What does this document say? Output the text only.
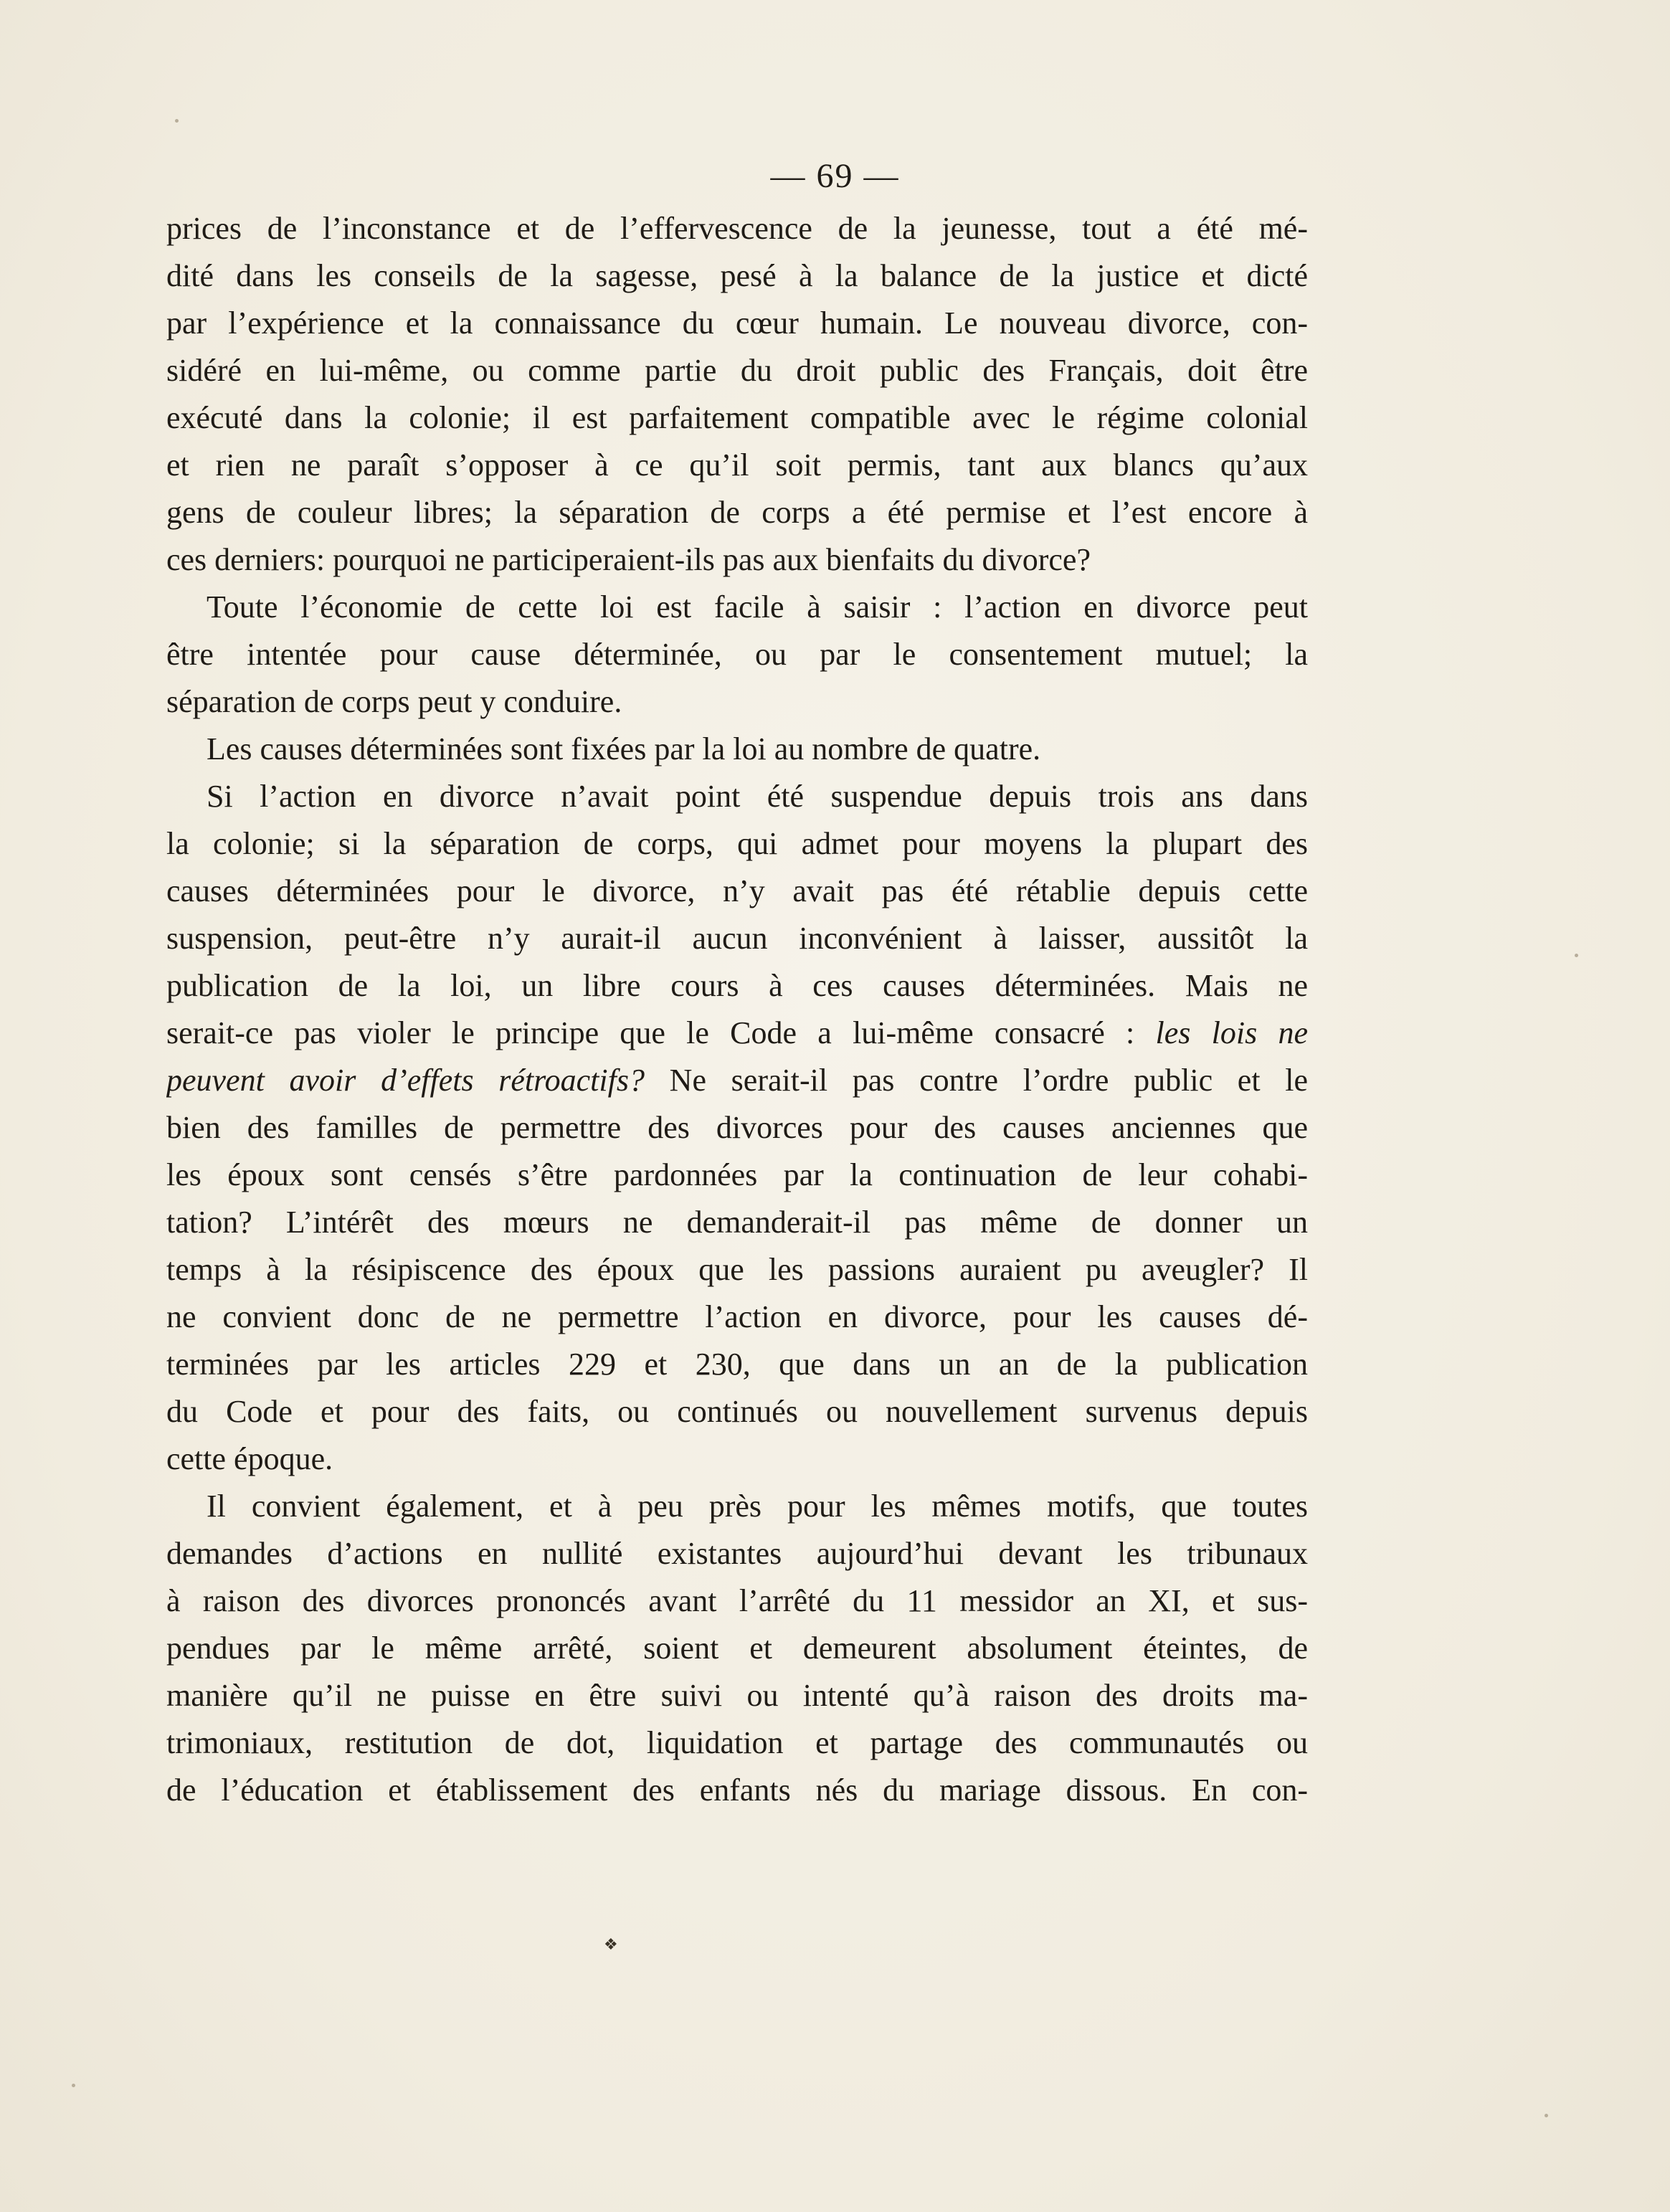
— 69 —
prices de l’inconstance et de l’effervescence de la jeunesse, tout a été mé-
dité dans les conseils de la sagesse, pesé à la balance de la justice et dicté
par l’expérience et la connaissance du cœur humain. Le nouveau divorce, con-
sidéré en lui-même, ou comme partie du droit public des Français, doit être
exécuté dans la colonie; il est parfaitement compatible avec le régime colonial
et rien ne paraît s’opposer à ce qu’il soit permis, tant aux blancs qu’aux
gens de couleur libres; la séparation de corps a été permise et l’est encore à
ces derniers: pourquoi ne participeraient-ils pas aux bienfaits du divorce?
Toute l’économie de cette loi est facile à saisir : l’action en divorce peut
être intentée pour cause déterminée, ou par le consentement mutuel; la
séparation de corps peut y conduire.
Les causes déterminées sont fixées par la loi au nombre de quatre.
Si l’action en divorce n’avait point été suspendue depuis trois ans dans
la colonie; si la séparation de corps, qui admet pour moyens la plupart des
causes déterminées pour le divorce, n’y avait pas été rétablie depuis cette
suspension, peut-être n’y aurait-il aucun inconvénient à laisser, aussitôt la
publication de la loi, un libre cours à ces causes déterminées. Mais ne
serait-ce pas violer le principe que le Code a lui-même consacré : les lois ne
peuvent avoir d’effets rétroactifs? Ne serait-il pas contre l’ordre public et le
bien des familles de permettre des divorces pour des causes anciennes que
les époux sont censés s’être pardonnées par la continuation de leur cohabi-
tation? L’intérêt des mœurs ne demanderait-il pas même de donner un
temps à la résipiscence des époux que les passions auraient pu aveugler? Il
ne convient donc de ne permettre l’action en divorce, pour les causes dé-
terminées par les articles 229 et 230, que dans un an de la publication
du Code et pour des faits, ou continués ou nouvellement survenus depuis
cette époque.
Il convient également, et à peu près pour les mêmes motifs, que toutes
demandes d’actions en nullité existantes aujourd’hui devant les tribunaux
à raison des divorces prononcés avant l’arrêté du 11 messidor an XI, et sus-
pendues par le même arrêté, soient et demeurent absolument éteintes, de
manière qu’il ne puisse en être suivi ou intenté qu’à raison des droits ma-
trimoniaux, restitution de dot, liquidation et partage des communautés ou
de l’éducation et établissement des enfants nés du mariage dissous. En con-
❖
